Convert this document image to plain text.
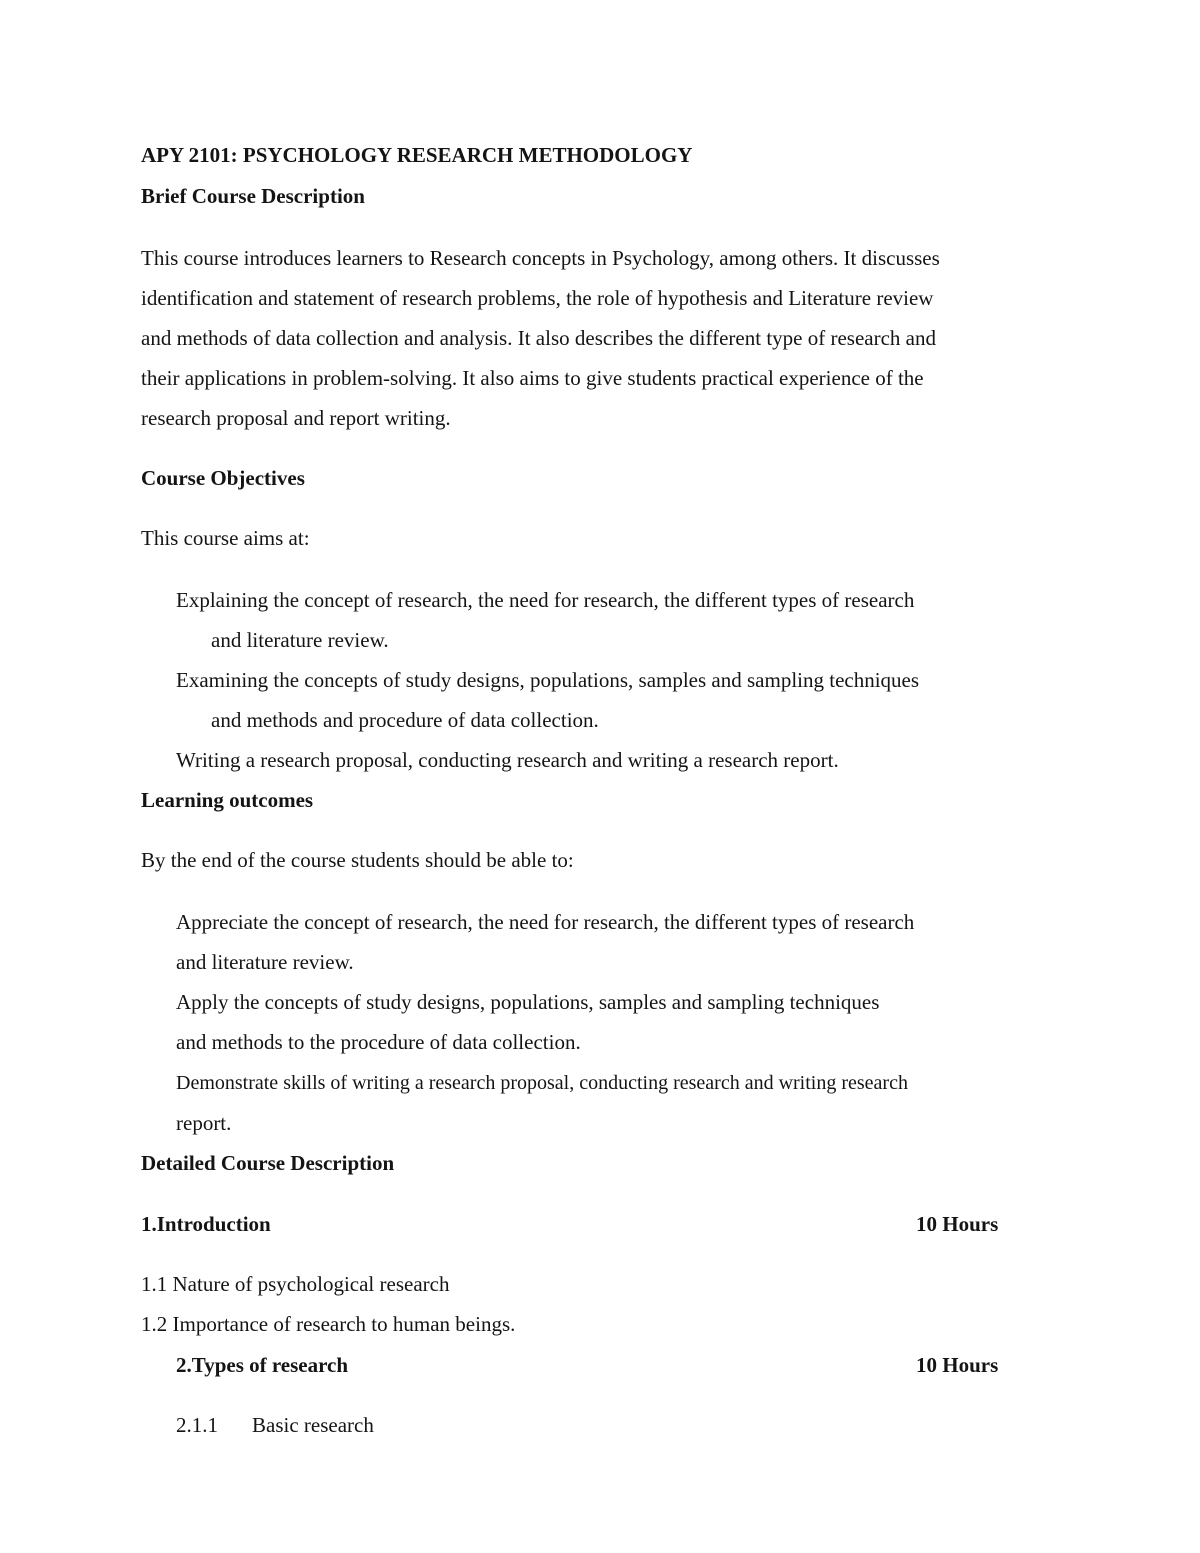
APY 2101: PSYCHOLOGY RESEARCH METHODOLOGY
Brief Course Description
This course introduces learners to Research concepts in Psychology, among others. It discusses
identification and statement of research problems, the role of hypothesis and Literature review
and methods of data collection and analysis. It also describes the different type of research and
their applications in problem-solving. It also aims to give students practical experience of the
research proposal and report writing.
Course Objectives
This course aims at:
Explaining the concept of research, the need for research, the different types of research
and literature review.
Examining the concepts of study designs, populations, samples and sampling techniques
and methods and procedure of data collection.
Writing a research proposal, conducting research and writing a research report.
Learning outcomes
By the end of the course students should be able to:
Appreciate the concept of research, the need for research, the different types of research
and literature review.
Apply the concepts of study designs, populations, samples and sampling techniques
and methods to the procedure of data collection.
Demonstrate skills of writing a research proposal, conducting research and writing research
report.
Detailed Course Description
1.Introduction	10 Hours
1.1 Nature of psychological research
1.2 Importance of research to human beings.
2.Types of research	10 Hours
2.1.1 Basic research
